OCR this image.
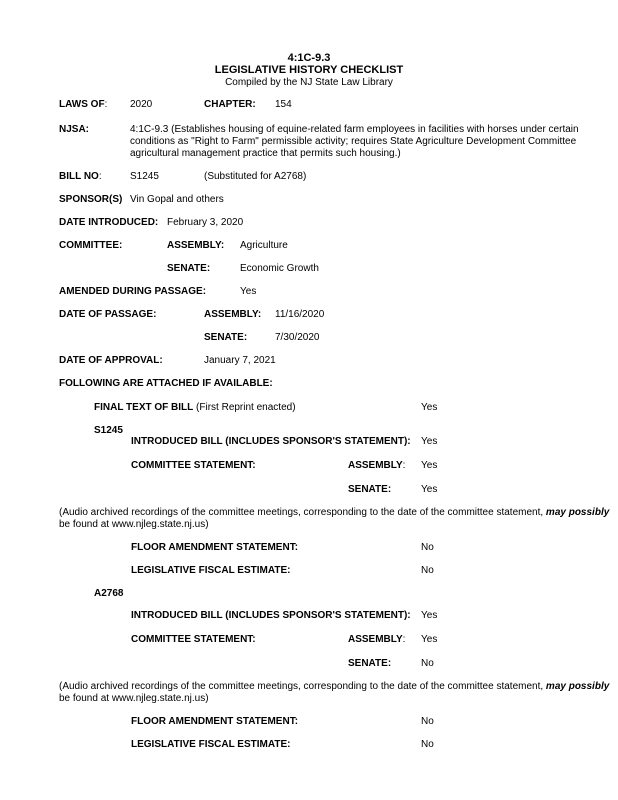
4:1C-9.3
LEGISLATIVE HISTORY CHECKLIST
Compiled by the NJ State Law Library
LAWS OF: 2020	CHAPTER: 154
NJSA:	4:1C-9.3 (Establishes housing of equine-related farm employees in facilities with horses under certain
conditions as "Right to Farm" permissible activity; requires State Agriculture Development Committee
agricultural management practice that permits such housing.)
BILL NO:	S1245	(Substituted for A2768)
SPONSOR(S) Vin Gopal and others
DATE INTRODUCED: February 3, 2020
COMMITTEE:	ASSEMBLY: Agriculture
SENATE:	Economic Growth
AMENDED DURING PASSAGE:	Yes
DATE OF PASSAGE:	ASSEMBLY: 11/16/2020
SENATE:	7/30/2020
DATE OF APPROVAL:	January 7, 2021
FOLLOWING ARE ATTACHED IF AVAILABLE:
FINAL TEXT OF BILL (First Reprint enacted)	Yes
S1245
INTRODUCED BILL (INCLUDES SPONSOR'S STATEMENT): Yes
COMMITTEE STATEMENT:	ASSEMBLY: Yes
SENATE:	Yes
(Audio archived recordings of the committee meetings, corresponding to the date of the committee statement, may possibly
be found at www.njleg.state.nj.us)
FLOOR AMENDMENT STATEMENT:	No
LEGISLATIVE FISCAL ESTIMATE:	No
A2768
INTRODUCED BILL (INCLUDES SPONSOR'S STATEMENT): Yes
COMMITTEE STATEMENT:	ASSEMBLY: Yes
SENATE:	No
(Audio archived recordings of the committee meetings, corresponding to the date of the committee statement, may possibly
be found at www.njleg.state.nj.us)
FLOOR AMENDMENT STATEMENT:	No
LEGISLATIVE FISCAL ESTIMATE:	No
